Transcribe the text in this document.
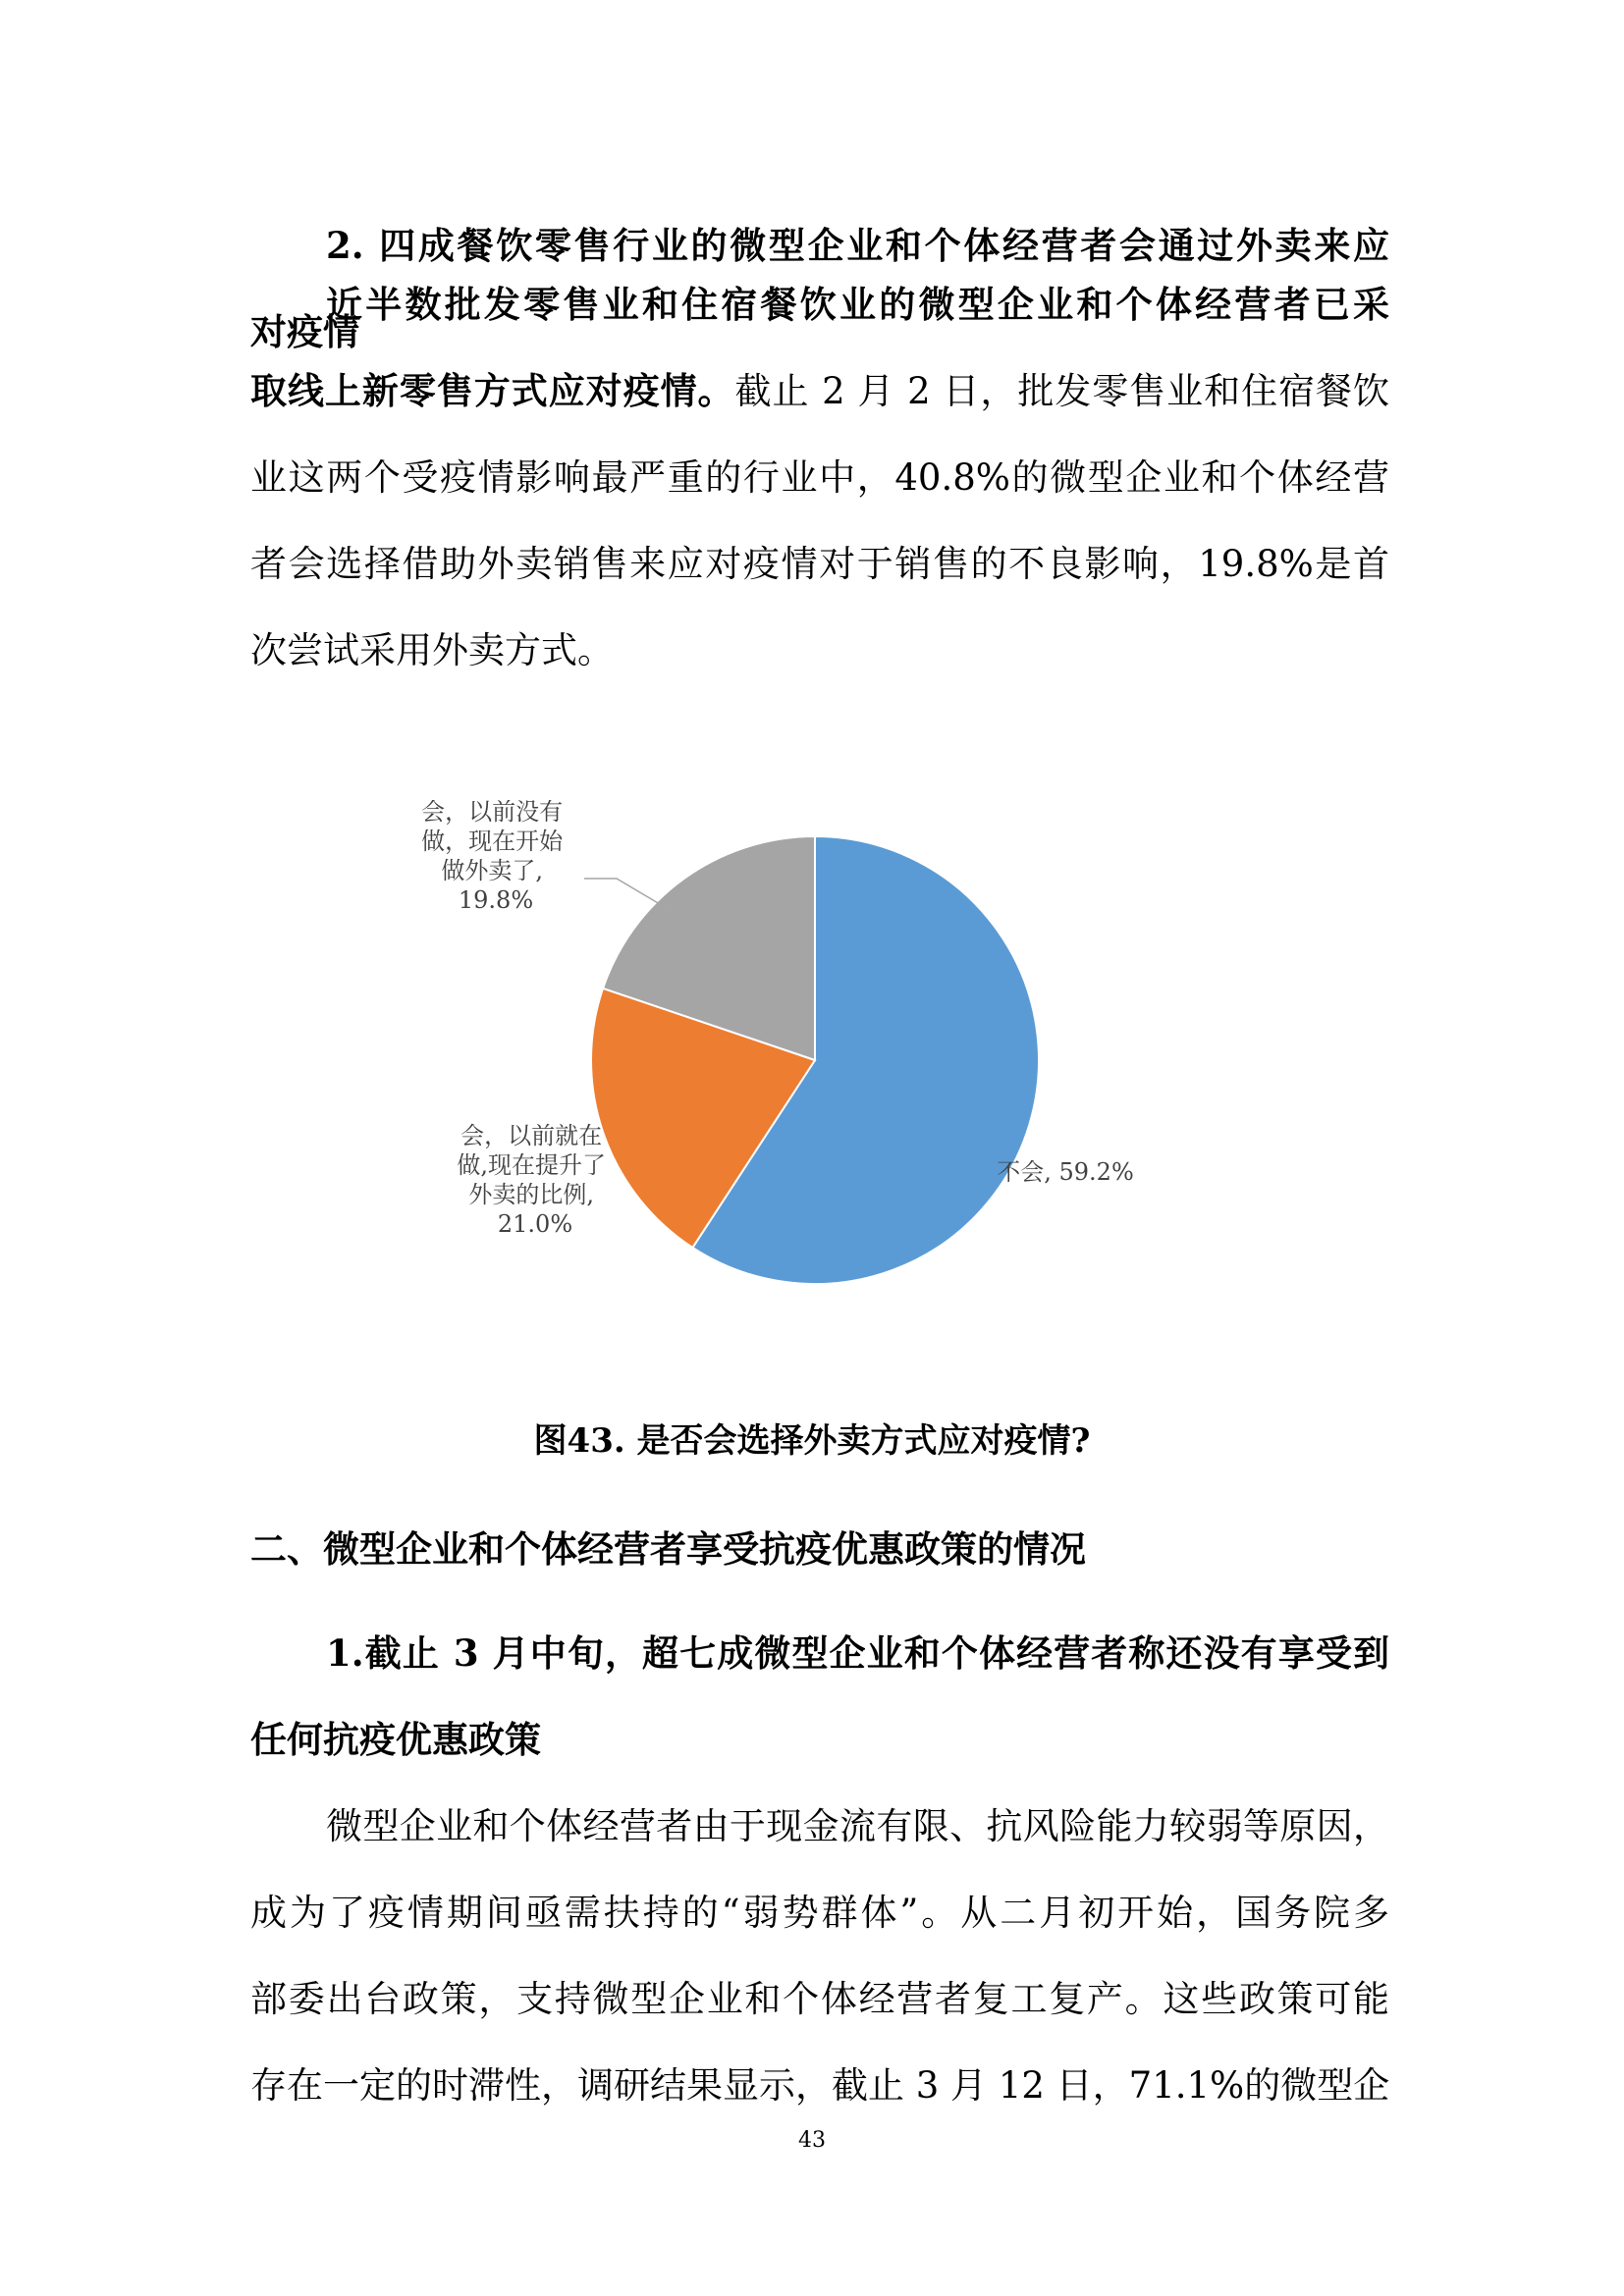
2. 四成餐饮零售行业的微型企业和个体经营者会通过外卖来应

对疫情

近半数批发零售业和住宿餐饮业的微型企业和个体经营者已采

取线上新零售方式应对疫情。截止 2 月 2 日，批发零售业和住宿餐饮

业这两个受疫情影响最严重的行业中，40.8%的微型企业和个体经营

者会选择借助外卖销售来应对疫情对于销售的不良影响，19.8%是首

次尝试采用外卖方式。

不会, 59.2%
会，以前就在 做,现在提升了 外卖的比例, 21.0%
会，以前没有 做，现在开始 做外卖了, 19.8%

图43. 是否会选择外卖方式应对疫情?

二、微型企业和个体经营者享受抗疫优惠政策的情况

1.截止 3 月中旬，超七成微型企业和个体经营者称还没有享受到

任何抗疫优惠政策

微型企业和个体经营者由于现金流有限、抗风险能力较弱等原因，

成为了疫情期间亟需扶持的“弱势群体”。从二月初开始，国务院多

部委出台政策，支持微型企业和个体经营者复工复产。这些政策可能

存在一定的时滞性，调研结果显示，截止 3 月 12 日，71.1%的微型企

43
